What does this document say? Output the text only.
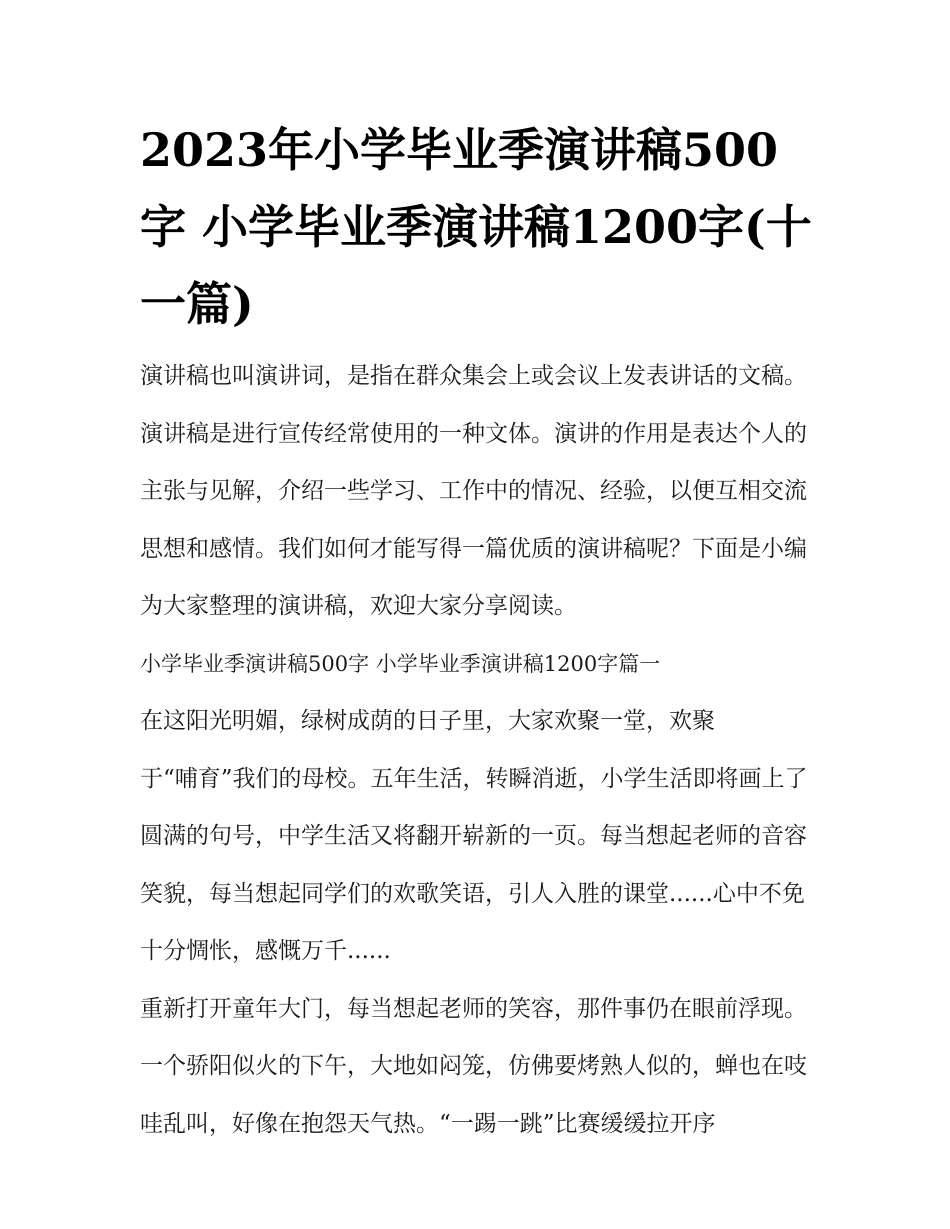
2023年小学毕业季演讲稿500字 小学毕业季演讲稿1200字(十一篇)

演讲稿也叫演讲词，是指在群众集会上或会议上发表讲话的文稿。演讲稿是进行宣传经常使用的一种文体。演讲的作用是表达个人的主张与见解，介绍一些学习、工作中的情况、经验，以便互相交流思想和感情。我们如何才能写得一篇优质的演讲稿呢？下面是小编为大家整理的演讲稿，欢迎大家分享阅读。

小学毕业季演讲稿500字 小学毕业季演讲稿1200字篇一

在这阳光明媚，绿树成荫的日子里，大家欢聚一堂，欢聚

于“哺育”我们的母校。五年生活，转瞬消逝，小学生活即将画上了圆满的句号，中学生活又将翻开崭新的一页。每当想起老师的音容笑貌，每当想起同学们的欢歌笑语，引人入胜的课堂......心中不免十分惆怅，感慨万千......

重新打开童年大门，每当想起老师的笑容，那件事仍在眼前浮现。

一个骄阳似火的下午，大地如闷笼，仿佛要烤熟人似的，蝉也在吱哇乱叫，好像在抱怨天气热。“一踢一跳”比赛缓缓拉开序
